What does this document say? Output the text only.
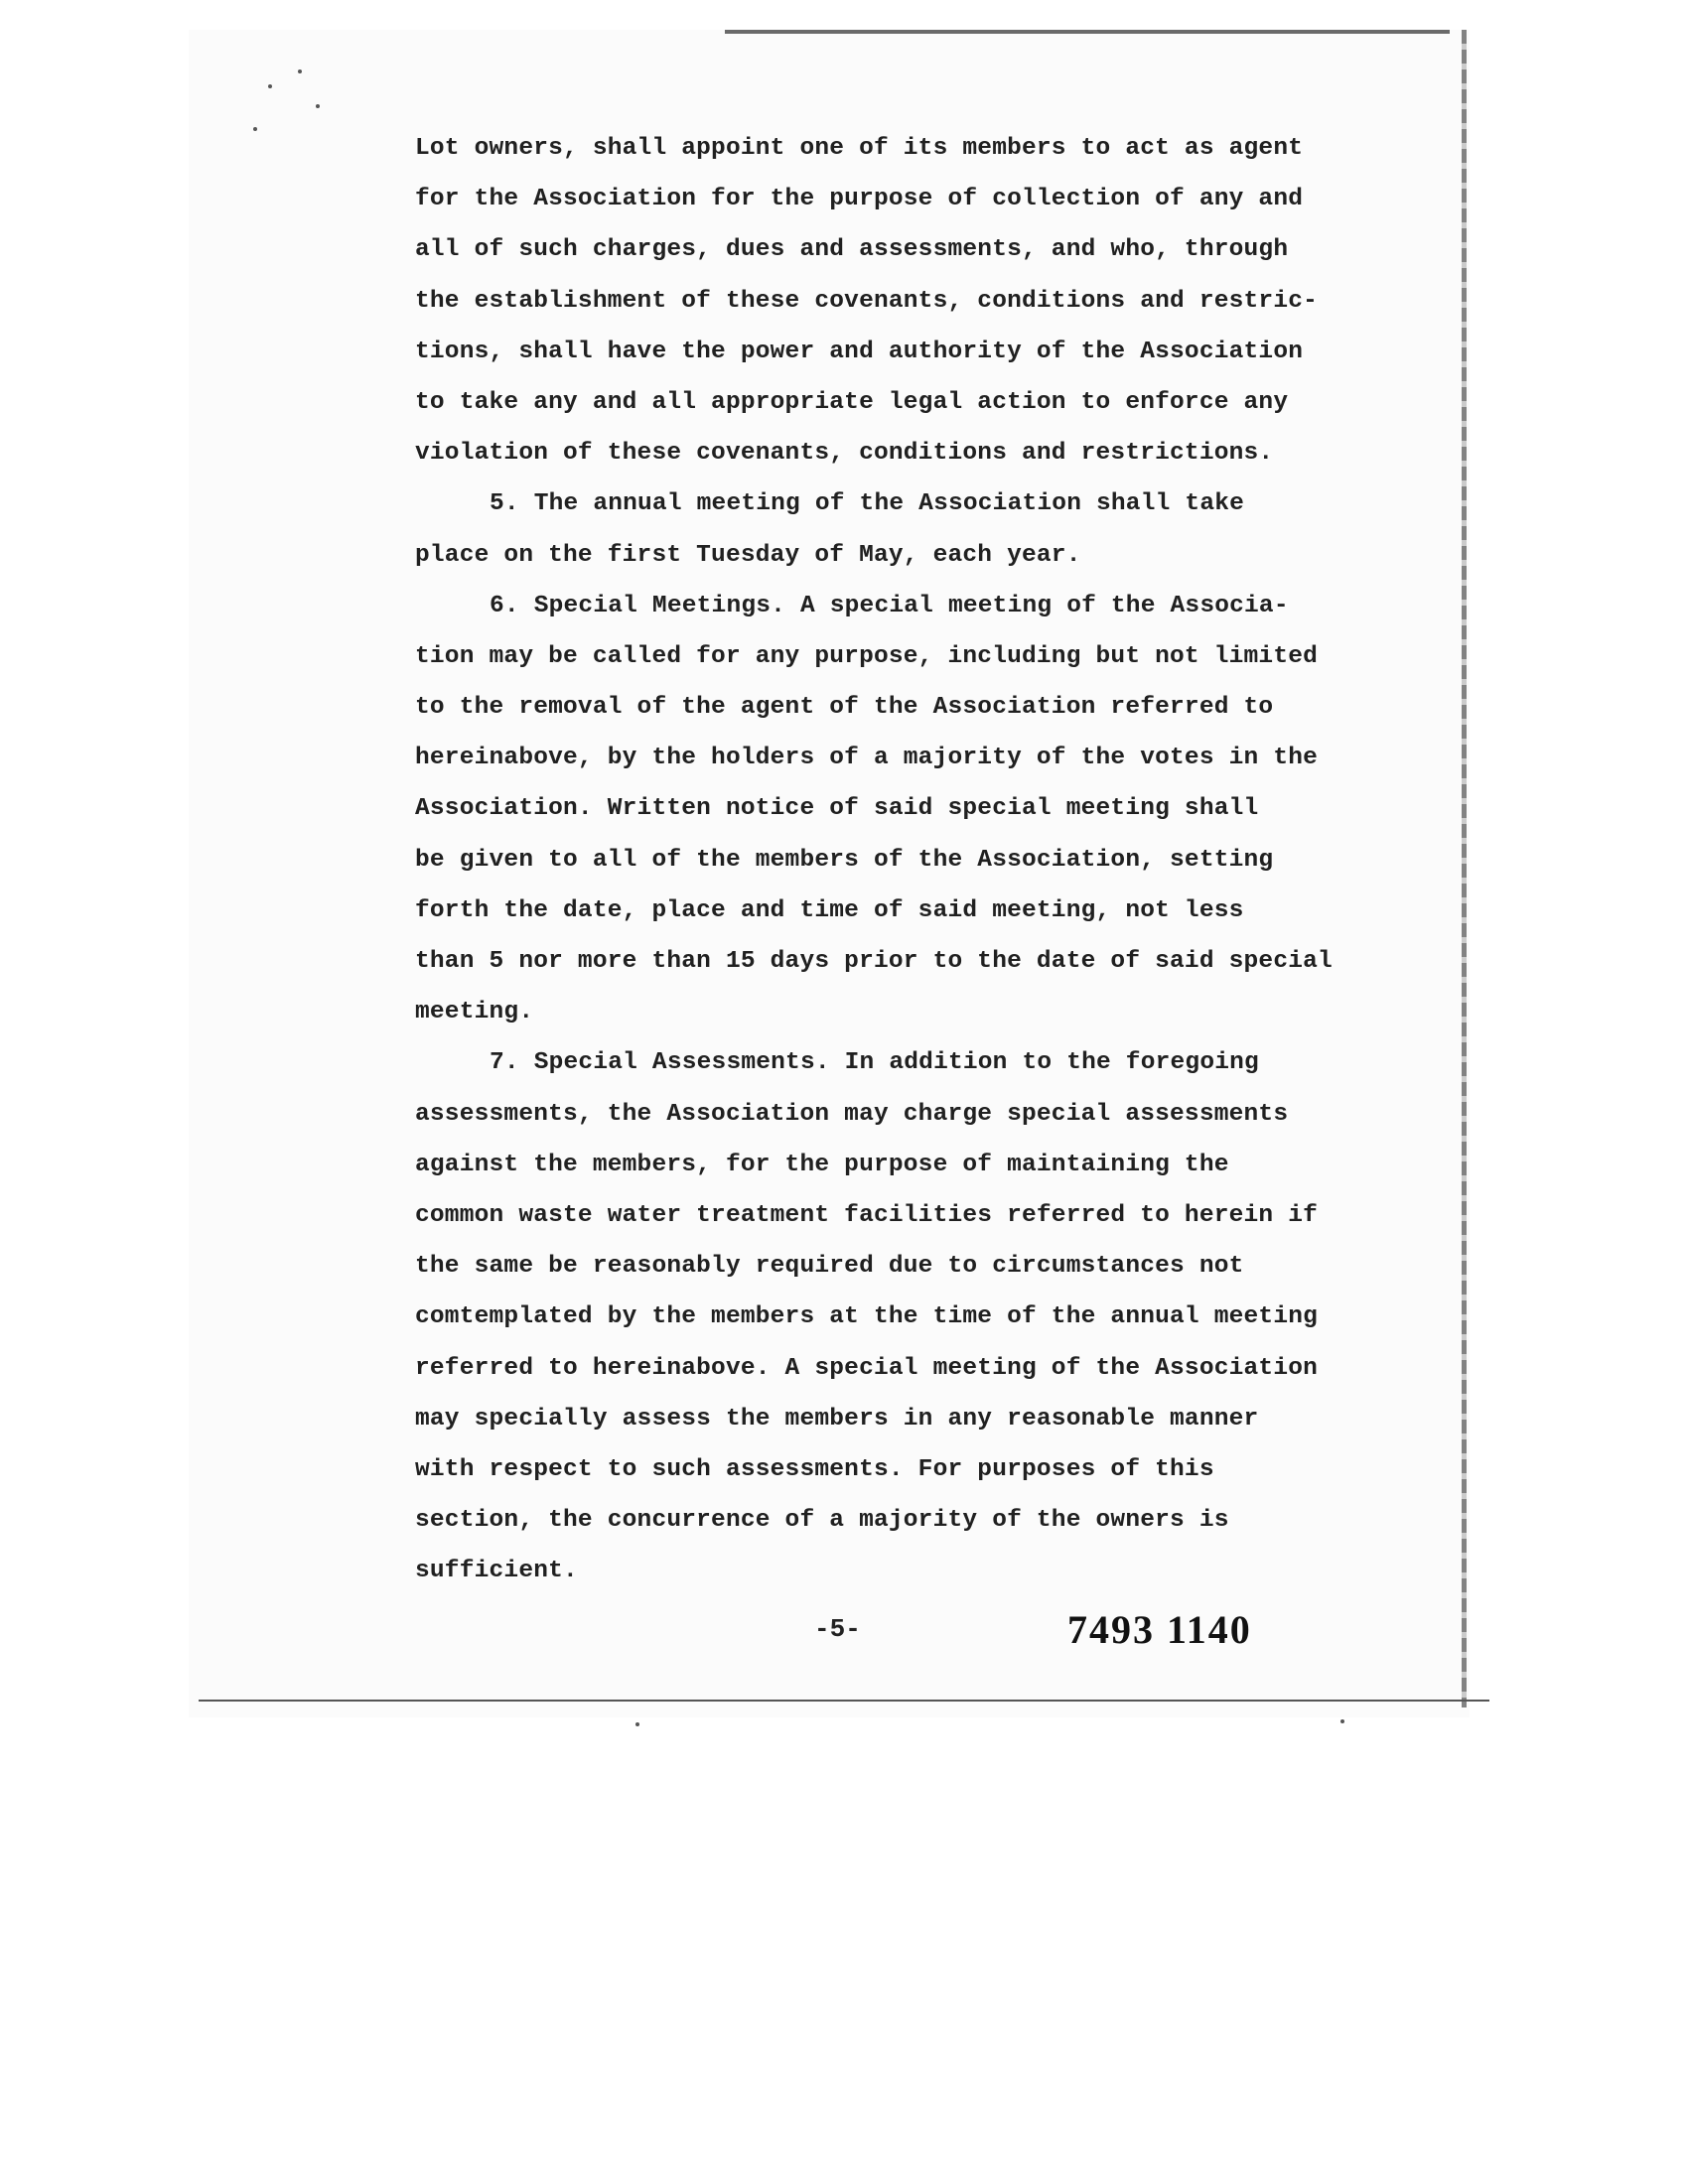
Lot owners, shall appoint one of its members to act as agent
for the Association for the purpose of collection of any and
all of such charges, dues and assessments, and who, through
the establishment of these covenants, conditions and restric-
tions, shall have the power and authority of the Association
to take any and all appropriate legal action to enforce any
violation of these covenants, conditions and restrictions.
5. The annual meeting of the Association shall take
place on the first Tuesday of May, each year.
6. Special Meetings. A special meeting of the Associa-
tion may be called for any purpose, including but not limited
to the removal of the agent of the Association referred to
hereinabove, by the holders of a majority of the votes in the
Association. Written notice of said special meeting shall
be given to all of the members of the Association, setting
forth the date, place and time of said meeting, not less
than 5 nor more than 15 days prior to the date of said special
meeting.
7. Special Assessments. In addition to the foregoing
assessments, the Association may charge special assessments
against the members, for the purpose of maintaining the
common waste water treatment facilities referred to herein if
the same be reasonably required due to circumstances not
comtemplated by the members at the time of the annual meeting
referred to hereinabove. A special meeting of the Association
may specially assess the members in any reasonable manner
with respect to such assessments. For purposes of this
section, the concurrence of a majority of the owners is
sufficient.
-5-	7493 1140
